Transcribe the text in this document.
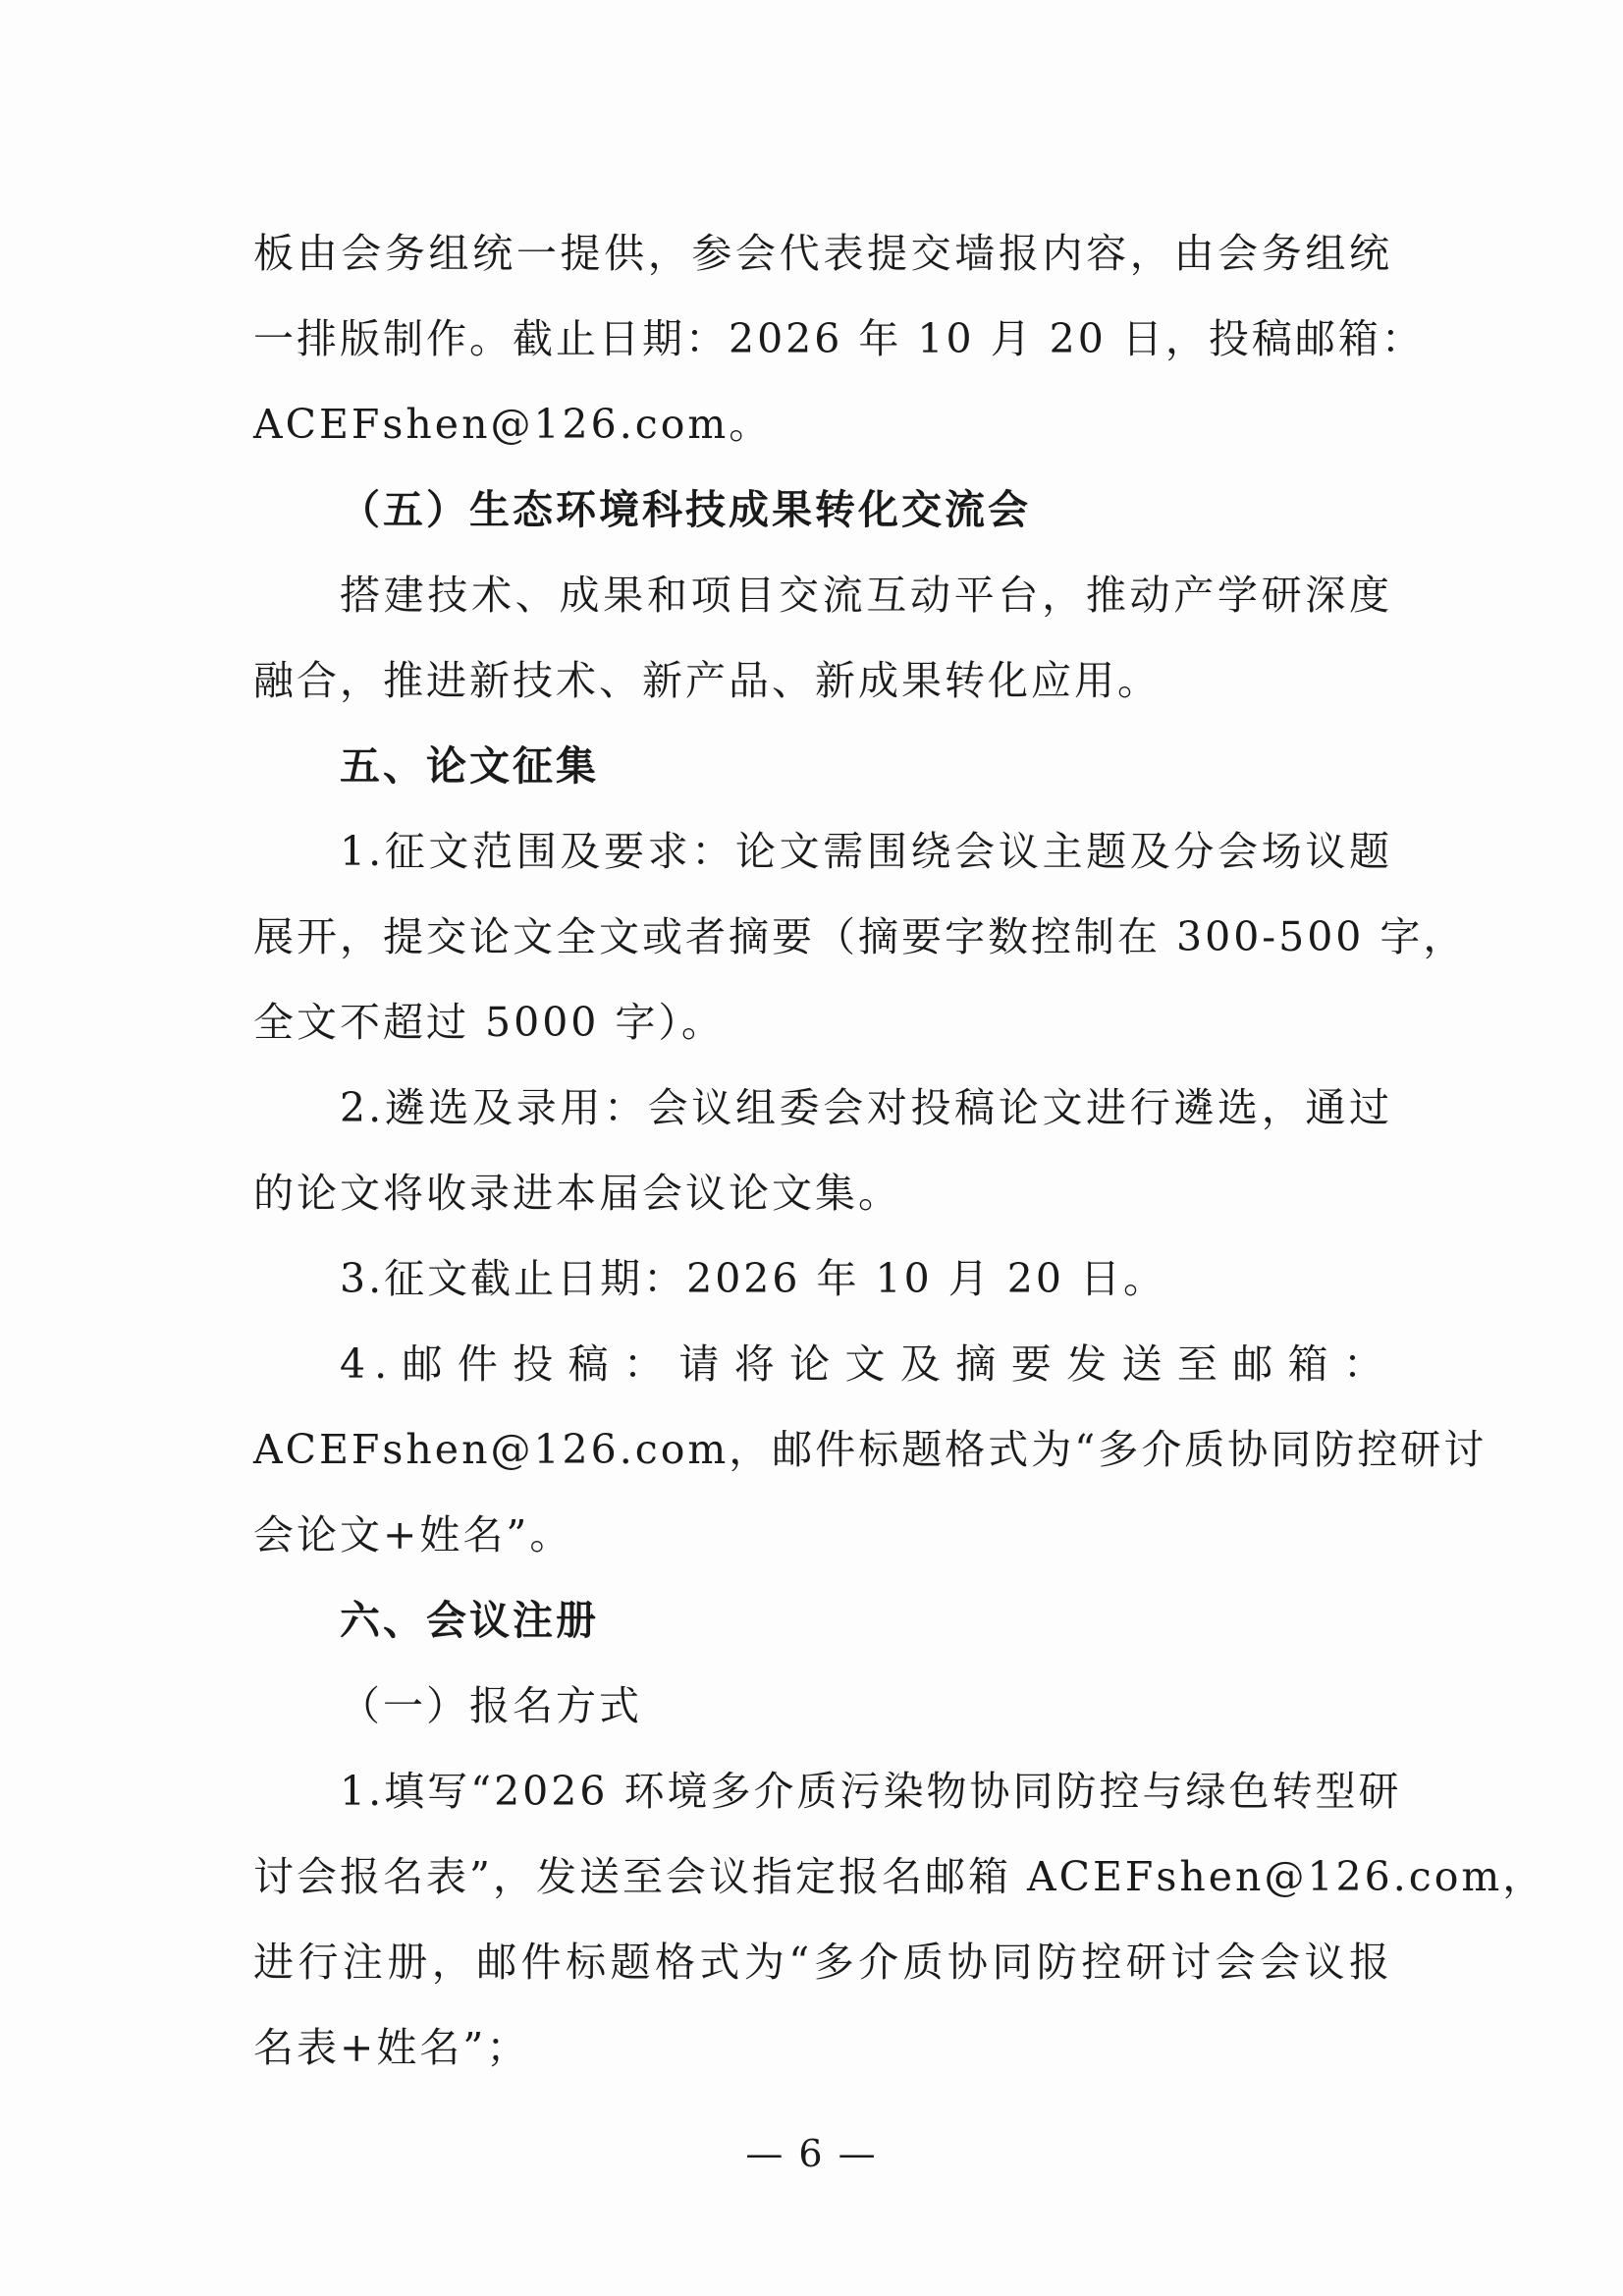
板由会务组统一提供，参会代表提交墙报内容，由会务组统
一排版制作。截止日期：2026 年 10 月 20 日，投稿邮箱：
ACEFshen@126.com。
（五）生态环境科技成果转化交流会
搭建技术、成果和项目交流互动平台，推动产学研深度
融合，推进新技术、新产品、新成果转化应用。
五、论文征集
1.征文范围及要求：论文需围绕会议主题及分会场议题
展开，提交论文全文或者摘要（摘要字数控制在 300-500 字，
全文不超过 5000 字）。
2.遴选及录用：会议组委会对投稿论文进行遴选，通过
的论文将收录进本届会议论文集。
3.征文截止日期：2026 年 10 月 20 日。
4.邮件投稿：请将论文及摘要发送至邮箱：
ACEFshen@126.com，邮件标题格式为“多介质协同防控研讨
会论文+姓名”。
六、会议注册
（一）报名方式
1.填写“2026 环境多介质污染物协同防控与绿色转型研
讨会报名表”，发送至会议指定报名邮箱 ACEFshen@126.com，
进行注册，邮件标题格式为“多介质协同防控研讨会会议报
名表+姓名”；
— 6 —
